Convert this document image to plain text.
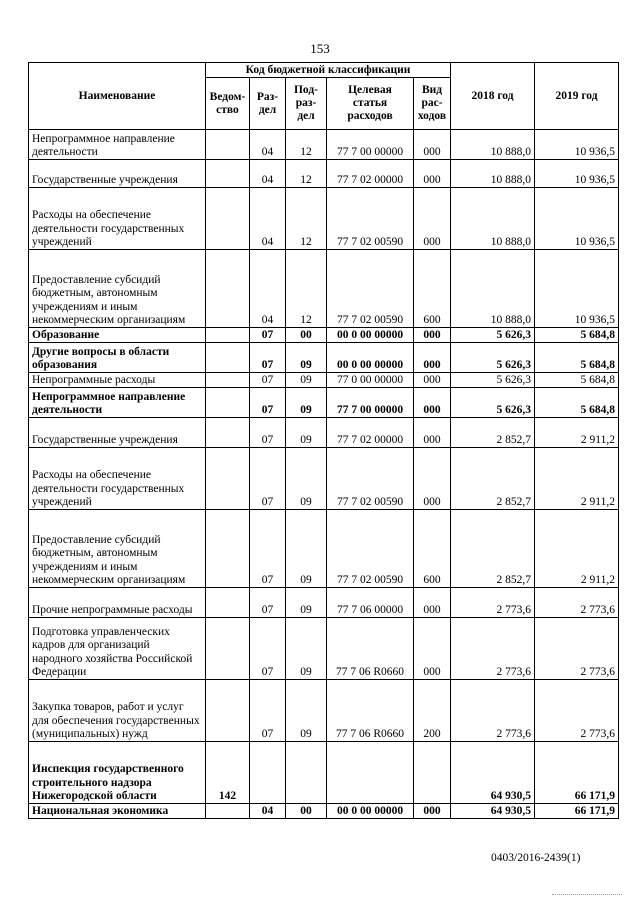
153
Наименование	Код бюджетной классификации					2018 год	2019 год
	Ведом-ство	Раз-дел	Под-раз-дел	Целевая статья расходов	Вид рас-ходов		
Непрограммное направление деятельности		04	12	77 7 00 00000	000	10 888,0	10 936,5
Государственные учреждения		04	12	77 7 02 00000	000	10 888,0	10 936,5
Расходы на обеспечение деятельности государственных учреждений		04	12	77 7 02 00590	000	10 888,0	10 936,5
Предоставление субсидий бюджетным, автономным учреждениям и иным некоммерческим организациям		04	12	77 7 02 00590	600	10 888,0	10 936,5
Образование		07	00	00 0 00 00000	000	5 626,3	5 684,8
Другие вопросы в области образования		07	09	00 0 00 00000	000	5 626,3	5 684,8
Непрограммные расходы		07	09	77 0 00 00000	000	5 626,3	5 684,8
Непрограммное направление деятельности		07	09	77 7 00 00000	000	5 626,3	5 684,8
Государственные учреждения		07	09	77 7 02 00000	000	2 852,7	2 911,2
Расходы на обеспечение деятельности государственных учреждений		07	09	77 7 02 00590	000	2 852,7	2 911,2
Предоставление субсидий бюджетным, автономным учреждениям и иным некоммерческим организациям		07	09	77 7 02 00590	600	2 852,7	2 911,2
Прочие непрограммные расходы		07	09	77 7 06 00000	000	2 773,6	2 773,6
Подготовка управленческих кадров для организаций народного хозяйства Российской Федерации		07	09	77 7 06 R0660	000	2 773,6	2 773,6
Закупка товаров, работ и услуг для обеспечения государственных (муниципальных) нужд		07	09	77 7 06 R0660	200	2 773,6	2 773,6
Инспекция государственного строительного надзора Нижегородской области	142					64 930,5	66 171,9
Национальная экономика		04	00	00 0 00 00000	000	64 930,5	66 171,9
0403/2016-2439(1)
